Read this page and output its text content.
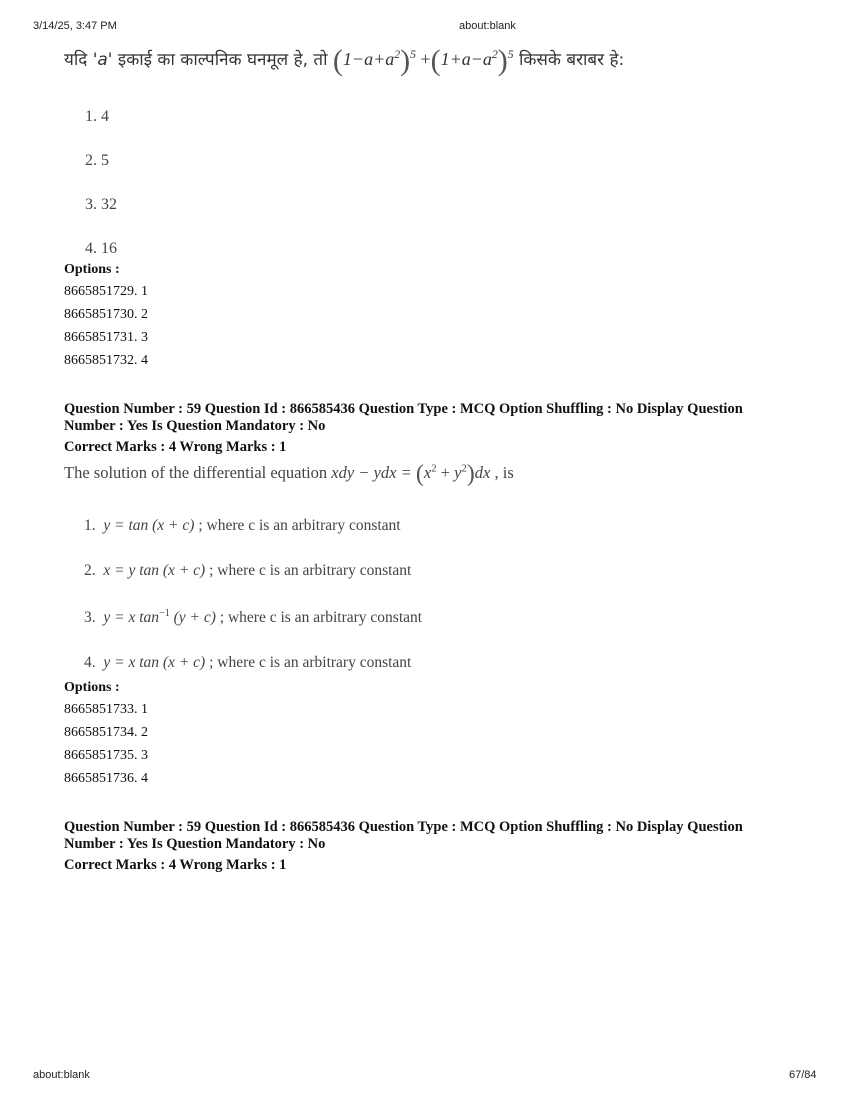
3/14/25, 3:47 PM	about:blank
यदि 'a' इकाई का काल्पनिक घनमूल हे, तो $(1-a+a^2)^5 +(1+a-a^2)^5$ किसके बराबर हे:
1. 4
2. 5
3. 32
4. 16
Options :
8665851729. 1
8665851730. 2
8665851731. 3
8665851732. 4
Question Number : 59 Question Id : 866585436 Question Type : MCQ Option Shuffling : No Display Question
Number : Yes Is Question Mandatory : No
Correct Marks : 4 Wrong Marks : 1
The solution of the differential equation xdy − ydx = $(x^2 + y^2)dx$ , is
1. y = tan (x + c) ; where c is an arbitrary constant
2. x = y tan (x + c) ; where c is an arbitrary constant
3. y = x $\tan^{-1} (y + c)$ ; where c is an arbitrary constant
4. y = x tan (x + c) ; where c is an arbitrary constant
Options :
8665851733. 1
8665851734. 2
8665851735. 3
8665851736. 4
Question Number : 59 Question Id : 866585436 Question Type : MCQ Option Shuffling : No Display Question
Number : Yes Is Question Mandatory : No
Correct Marks : 4 Wrong Marks : 1
about:blank	67/84
